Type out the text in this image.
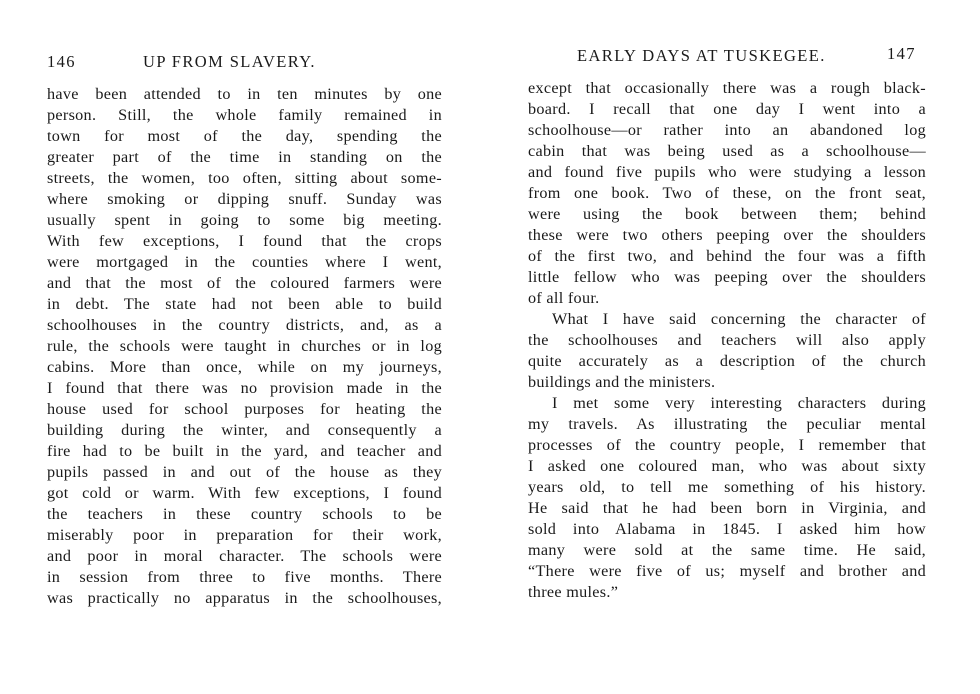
146	UP FROM SLAVERY.
have been attended to in ten minutes by one
person. Still, the whole family remained in
town for most of the day, spending the
greater part of the time in standing on the
streets, the women, too often, sitting about some-
where smoking or dipping snuff. Sunday was
usually spent in going to some big meeting.
With few exceptions, I found that the crops
were mortgaged in the counties where I went,
and that the most of the coloured farmers were
in debt. The state had not been able to build
schoolhouses in the country districts, and, as a
rule, the schools were taught in churches or in log
cabins. More than once, while on my journeys,
I found that there was no provision made in the
house used for school purposes for heating the
building during the winter, and consequently a
fire had to be built in the yard, and teacher and
pupils passed in and out of the house as they
got cold or warm. With few exceptions, I found
the teachers in these country schools to be
miserably poor in preparation for their work,
and poor in moral character. The schools were
in session from three to five months. There
was practically no apparatus in the schoolhouses,
EARLY DAYS AT TUSKEGEE.	147
except that occasionally there was a rough black-
board. I recall that one day I went into a
schoolhouse—or rather into an abandoned log
cabin that was being used as a schoolhouse—
and found five pupils who were studying a lesson
from one book. Two of these, on the front seat,
were using the book between them; behind
these were two others peeping over the shoulders
of the first two, and behind the four was a fifth
little fellow who was peeping over the shoulders
of all four.
What I have said concerning the character of
the schoolhouses and teachers will also apply
quite accurately as a description of the church
buildings and the ministers.
I met some very interesting characters during
my travels. As illustrating the peculiar mental
processes of the country people, I remember that
I asked one coloured man, who was about sixty
years old, to tell me something of his history.
He said that he had been born in Virginia, and
sold into Alabama in 1845. I asked him how
many were sold at the same time. He said,
“There were five of us; myself and brother and
three mules.”
